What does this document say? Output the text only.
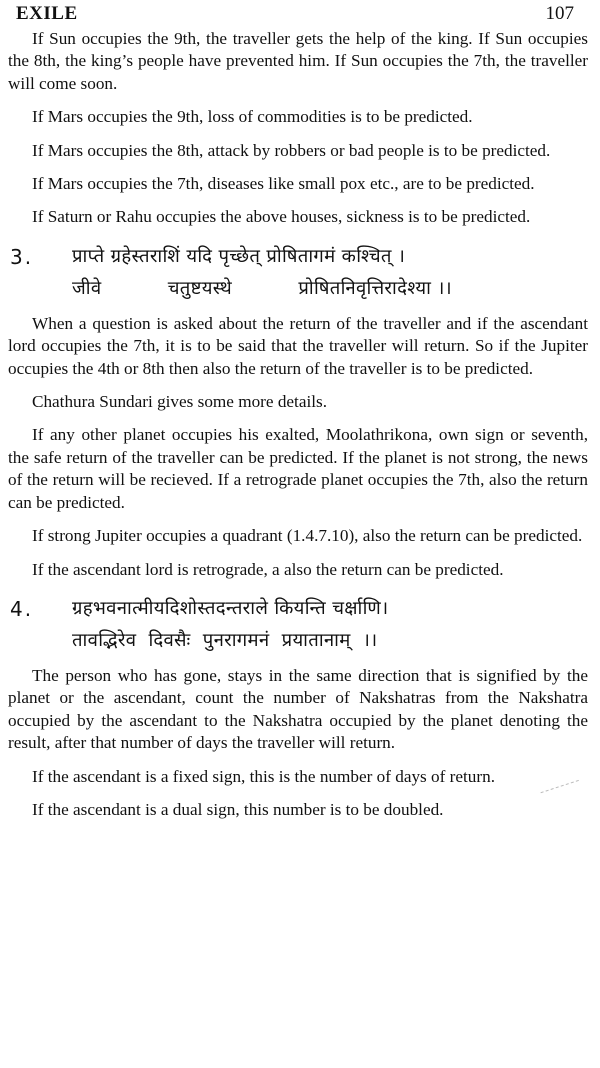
EXILE	107

If Sun occupies the 9th, the traveller gets the help of the king. If Sun occupies the 8th, the king’s people have prevented him. If Sun occupies the 7th, the traveller will come soon.

If Mars occupies the 9th, loss of commodities is to be predicted.

If Mars occupies the 8th, attack by robbers or bad people is to be predicted.

If Mars occupies the 7th, diseases like small pox etc., are to be predicted.

If Saturn or Rahu occupies the above houses, sickness is to be predicted.

3.	प्राप्ते ग्रहेस्तराशिं यदि पृच्छेत् प्रोषितागमं कश्चित् ।
जीवे	चतुष्टयस्थे	प्रोषितनिवृत्तिरादेश्या ।।

When a question is asked about the return of the traveller and if the ascendant lord occupies the 7th, it is to be said that the traveller will return. So if the Jupiter occupies the 4th or 8th then also the return of the traveller is to be predicted.

Chathura Sundari gives some more details.

If any other planet occupies his exalted, Moolathrikona, own sign or seventh, the safe return of the traveller can be predicted. If the planet is not strong, the news of the return will be recieved. If a retrograde planet occupies the 7th, also the return can be predicted.

If strong Jupiter occupies a quadrant (1.4.7.10), also the return can be predicted.

If the ascendant lord is retrograde, a also the return can be predicted.

4.	ग्रहभवनात्मीयदिशोस्तदन्तराले कियन्ति चर्क्षाणि।
तावद्भिरेव दिवसैः पुनरागमनं प्रयातानाम् ।।

The person who has gone, stays in the same direction that is signified by the planet or the ascendant, count the number of Nakshatras from the Nakshatra occupied by the ascendant to the Nakshatra occupied by the planet denoting the result, after that number of days the traveller will return.

If the ascendant is a fixed sign, this is the number of days of return.

If the ascendant is a dual sign, this number is to be doubled.
